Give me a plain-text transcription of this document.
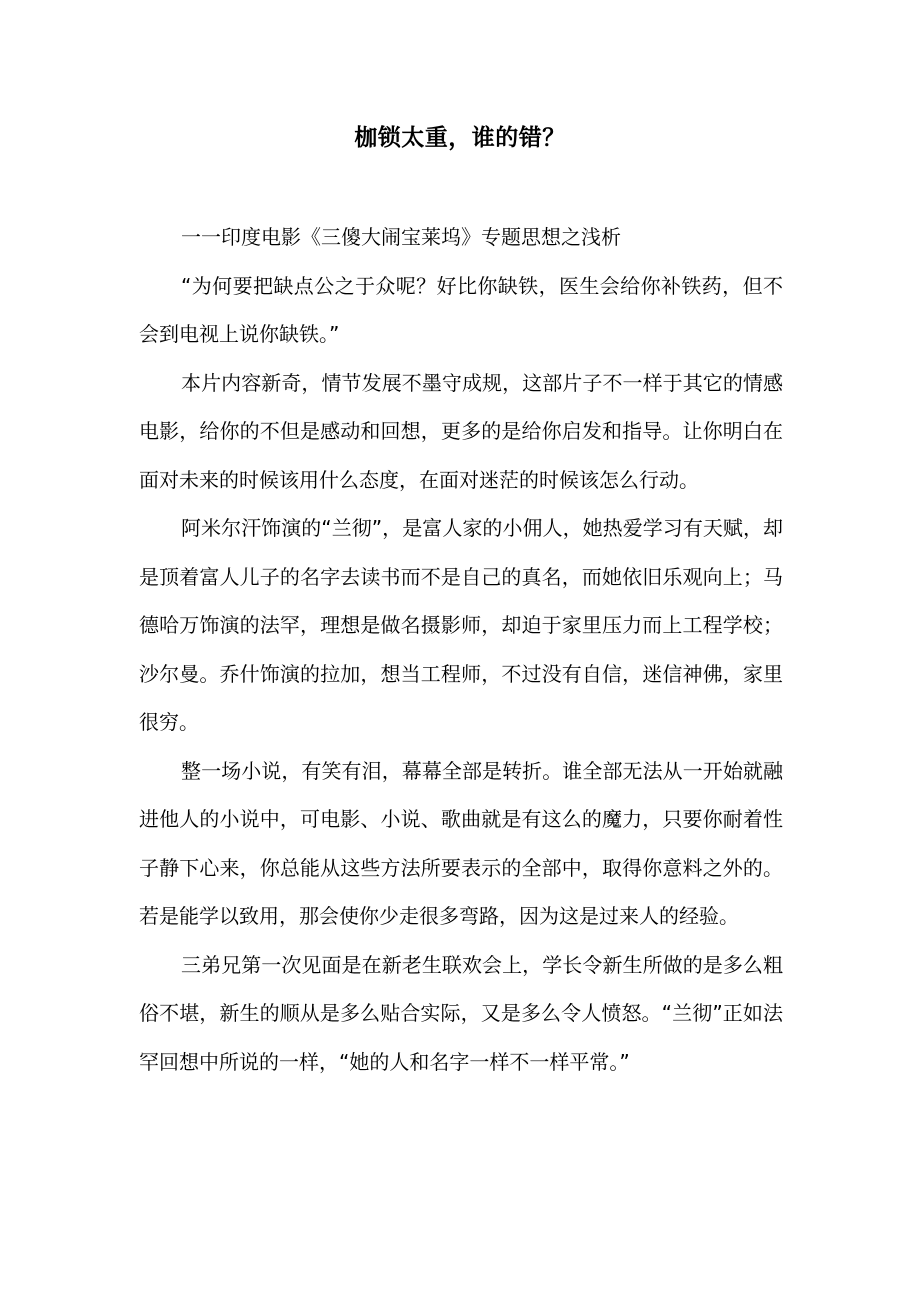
枷锁太重，谁的错？

一一印度电影《三傻大闹宝莱坞》专题思想之浅析

“为何要把缺点公之于众呢？好比你缺铁，医生会给你补铁药，但不会到电视上说你缺铁。”

本片内容新奇，情节发展不墨守成规，这部片子不一样于其它的情感电影，给你的不但是感动和回想，更多的是给你启发和指导。让你明白在面对未来的时候该用什么态度，在面对迷茫的时候该怎么行动。

阿米尔汗饰演的“兰彻”，是富人家的小佣人，她热爱学习有天赋，却是顶着富人儿子的名字去读书而不是自己的真名，而她依旧乐观向上；马德哈万饰演的法罕，理想是做名摄影师，却迫于家里压力而上工程学校；沙尔曼。乔什饰演的拉加，想当工程师，不过没有自信，迷信神佛，家里很穷。

整一场小说，有笑有泪，幕幕全部是转折。谁全部无法从一开始就融进他人的小说中，可电影、小说、歌曲就是有这么的魔力，只要你耐着性子静下心来，你总能从这些方法所要表示的全部中，取得你意料之外的。若是能学以致用，那会使你少走很多弯路，因为这是过来人的经验。

三弟兄第一次见面是在新老生联欢会上，学长令新生所做的是多么粗俗不堪，新生的顺从是多么贴合实际，又是多么令人愤怒。“兰彻”正如法罕回想中所说的一样，“她的人和名字一样不一样平常。”
